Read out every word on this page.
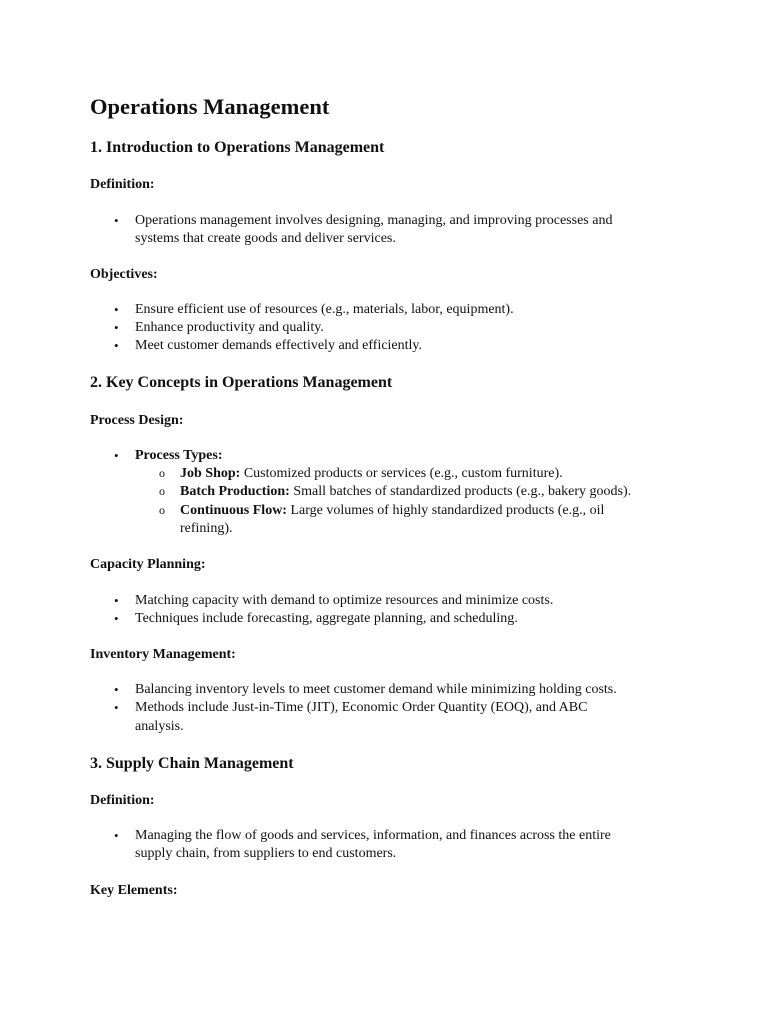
Operations Management
1. Introduction to Operations Management
Definition:
• Operations management involves designing, managing, and improving processes and
systems that create goods and deliver services.
Objectives:
• Ensure efficient use of resources (e.g., materials, labor, equipment).
• Enhance productivity and quality.
• Meet customer demands effectively and efficiently.
2. Key Concepts in Operations Management
Process Design:
• Process Types:
o Job Shop: Customized products or services (e.g., custom furniture).
o Batch Production: Small batches of standardized products (e.g., bakery goods).
o Continuous Flow: Large volumes of highly standardized products (e.g., oil
refining).
Capacity Planning:
• Matching capacity with demand to optimize resources and minimize costs.
• Techniques include forecasting, aggregate planning, and scheduling.
Inventory Management:
• Balancing inventory levels to meet customer demand while minimizing holding costs.
• Methods include Just-in-Time (JIT), Economic Order Quantity (EOQ), and ABC
analysis.
3. Supply Chain Management
Definition:
• Managing the flow of goods and services, information, and finances across the entire
supply chain, from suppliers to end customers.
Key Elements:
